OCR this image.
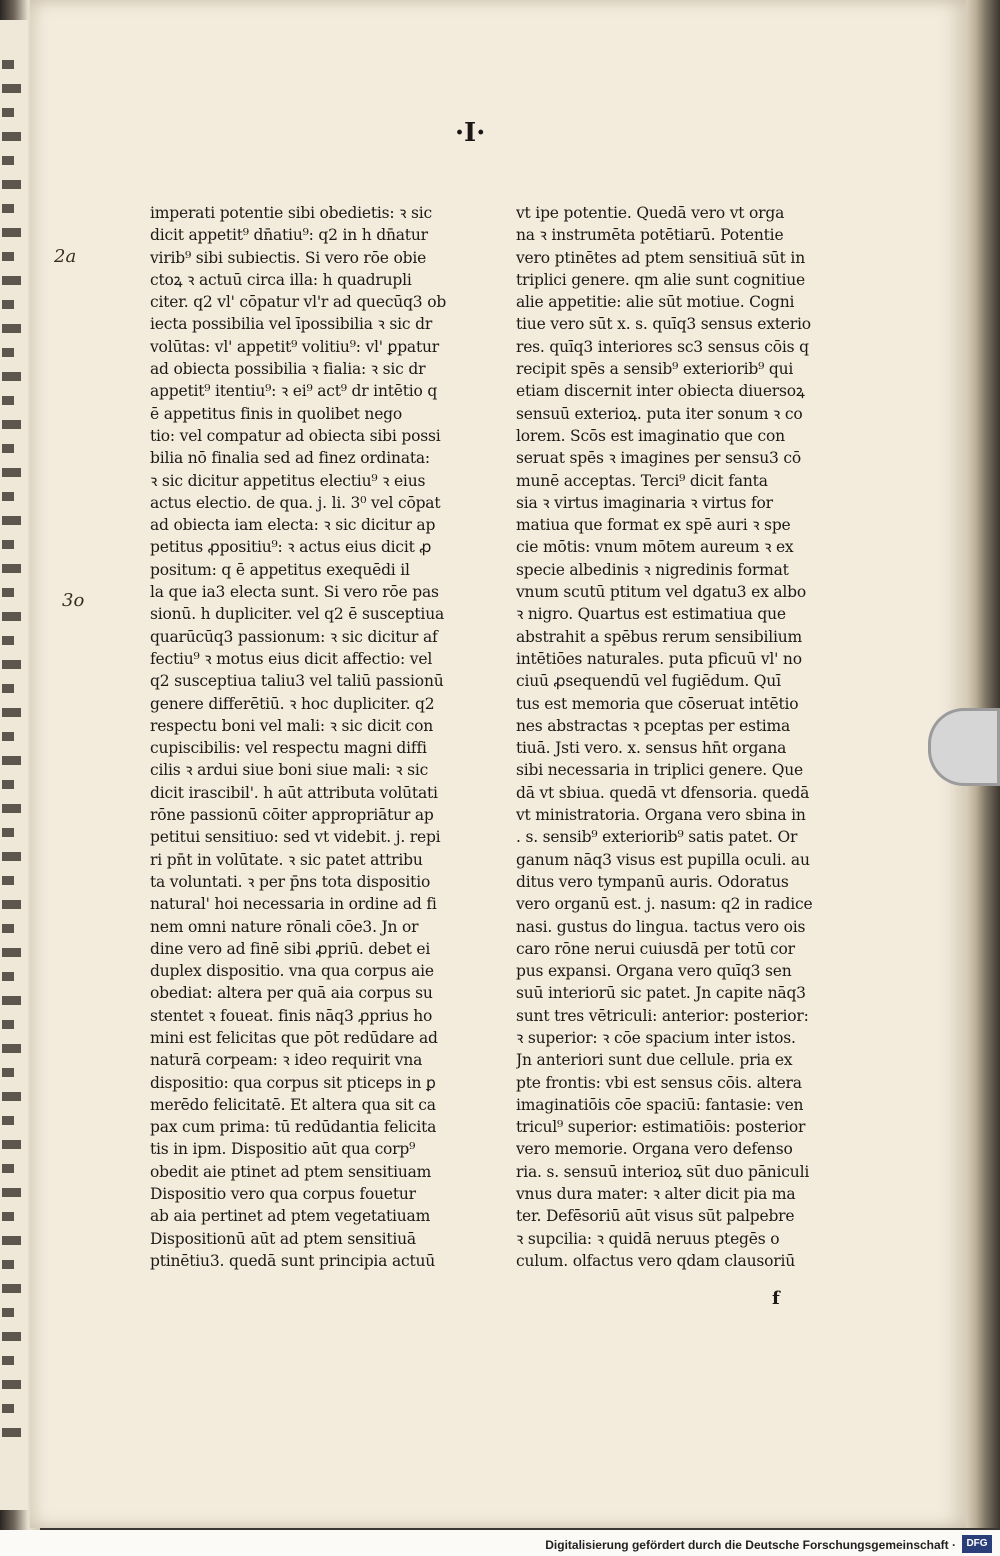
·I·
2a
3o
imperati potentie sibi obedietis: ꝛ sic
dicit appetit⁹ dn̄atiu⁹: q2 in h dn̄atur
virib⁹ sibi subiectis. Si vero rōe obie
ctoꝝ ꝛ actuū circa illa: h quadrupli
citer. q2 vl' cōpatur vl'r ad quecūq3 ob
iecta possibilia vel īpossibilia ꝛ sic dr
volūtas: vl' appetit⁹ volitiu⁹: vl' ꝑpatur
ad obiecta possibilia ꝛ fialia: ꝛ sic dr
appetit⁹ itentiu⁹: ꝛ ei⁹ act⁹ dr intētio q
ē appetitus finis in quolibet nego
tio: vel compatur ad obiecta sibi possi
bilia nō finalia sed ad finez ordinata:
ꝛ sic dicitur appetitus electiu⁹ ꝛ eius
actus electio. de qua. j. li. 3⁰ vel cōpat
ad obiecta iam electa: ꝛ sic dicitur ap
petitus ꝓpositiu⁹: ꝛ actus eius dicit ꝓ
positum: q ē appetitus exequēdi il
la que ia3 electa sunt. Si vero rōe pas
sionū. h dupliciter. vel q2 ē susceptiua
quarūcūq3 passionum: ꝛ sic dicitur af
fectiu⁹ ꝛ motus eius dicit affectio: vel
q2 susceptiua taliu3 vel taliū passionū
genere differētiū. ꝛ hoc dupliciter. q2
respectu boni vel mali: ꝛ sic dicit con
cupiscibilis: vel respectu magni diffi
cilis ꝛ ardui siue boni siue mali: ꝛ sic
dicit irascibil'. h aūt attributa volūtati
rōne passionū cōiter appropriātur ap
petitui sensitiuo: sed vt videbit. j. repi
ri pn̄t in volūtate. ꝛ sic patet attribu
ta voluntati. ꝛ per p̄ns tota dispositio
natural' hoi necessaria in ordine ad fi
nem omni nature rōnali cōe3. Jn or
dine vero ad finē sibi ꝓpriū. debet ei
duplex dispositio. vna qua corpus aie
obediat: altera per quā aia corpus su
stentet ꝛ foueat. finis nāq3 ꝓprius ho
mini est felicitas que pōt redūdare ad
naturā corpeam: ꝛ ideo requirit vna
dispositio: qua corpus sit pticeps in ꝑ
merēdo felicitatē. Et altera qua sit ca
pax cum prima: tū redūdantia felicita
tis in ipm. Dispositio aūt qua corp⁹
obedit aie ptinet ad ptem sensitiuam
Dispositio vero qua corpus fouetur
ab aia pertinet ad ptem vegetatiuam
Dispositionū aūt ad ptem sensitiuā
ptinētiu3. quedā sunt principia actuū
vt ipe potentie. Quedā vero vt orga
na ꝛ instrumēta potētiarū. Potentie
vero ptinētes ad ptem sensitiuā sūt in
triplici genere. qm alie sunt cognitiue
alie appetitie: alie sūt motiue. Cogni
tiue vero sūt x. s. quīq3 sensus exterio
res. quīq3 interiores sc3 sensus cōis q
recipit spēs a sensib⁹ exteriorib⁹ qui
etiam discernit inter obiecta diuersoꝝ
sensuū exterioꝝ. puta iter sonum ꝛ co
lorem. Scōs est imaginatio que con
seruat spēs ꝛ imagines per sensu3 cō
munē acceptas. Terci⁹ dicit fanta
sia ꝛ virtus imaginaria ꝛ virtus for
matiua que format ex spē auri ꝛ spe
cie mōtis: vnum mōtem aureum ꝛ ex
specie albedinis ꝛ nigredinis format
vnum scutū ptitum vel dgatu3 ex albo
ꝛ nigro. Quartus est estimatiua que
abstrahit a spēbus rerum sensibilium
intētiōes naturales. puta pficuū vl' no
ciuū ꝓsequendū vel fugiēdum. Quī
tus est memoria que cōseruat intētio
nes abstractas ꝛ pceptas per estima
tiuā. Jsti vero. x. sensus hn̄t organa
sibi necessaria in triplici genere. Que
dā vt sbiua. quedā vt dfensoria. quedā
vt ministratoria. Organa vero sbina in
. s. sensib⁹ exteriorib⁹ satis patet. Or
ganum nāq3 visus est pupilla oculi. au
ditus vero tympanū auris. Odoratus
vero organū est. j. nasum: q2 in radice
nasi. gustus do lingua. tactus vero ois
caro rōne nerui cuiusdā per totū cor
pus expansi. Organa vero quīq3 sen
suū interiorū sic patet. Jn capite nāq3
sunt tres vētriculi: anterior: posterior:
ꝛ superior: ꝛ cōe spacium inter istos.
Jn anteriori sunt due cellule. pria ex
pte frontis: vbi est sensus cōis. altera
imaginatiōis cōe spaciū: fantasie: ven
tricul⁹ superior: estimatiōis: posterior
vero memorie. Organa vero defenso
ria. s. sensuū interioꝝ sūt duo pāniculi
vnus dura mater: ꝛ alter dicit pia ma
ter. Defēsoriū aūt visus sūt palpebre
ꝛ supcilia: ꝛ quidā neruus ptegēs o
culum. olfactus vero qdam clausoriū
f
Digitalisierung gefördert durch die Deutsche Forschungsgemeinschaft ·	DFG
